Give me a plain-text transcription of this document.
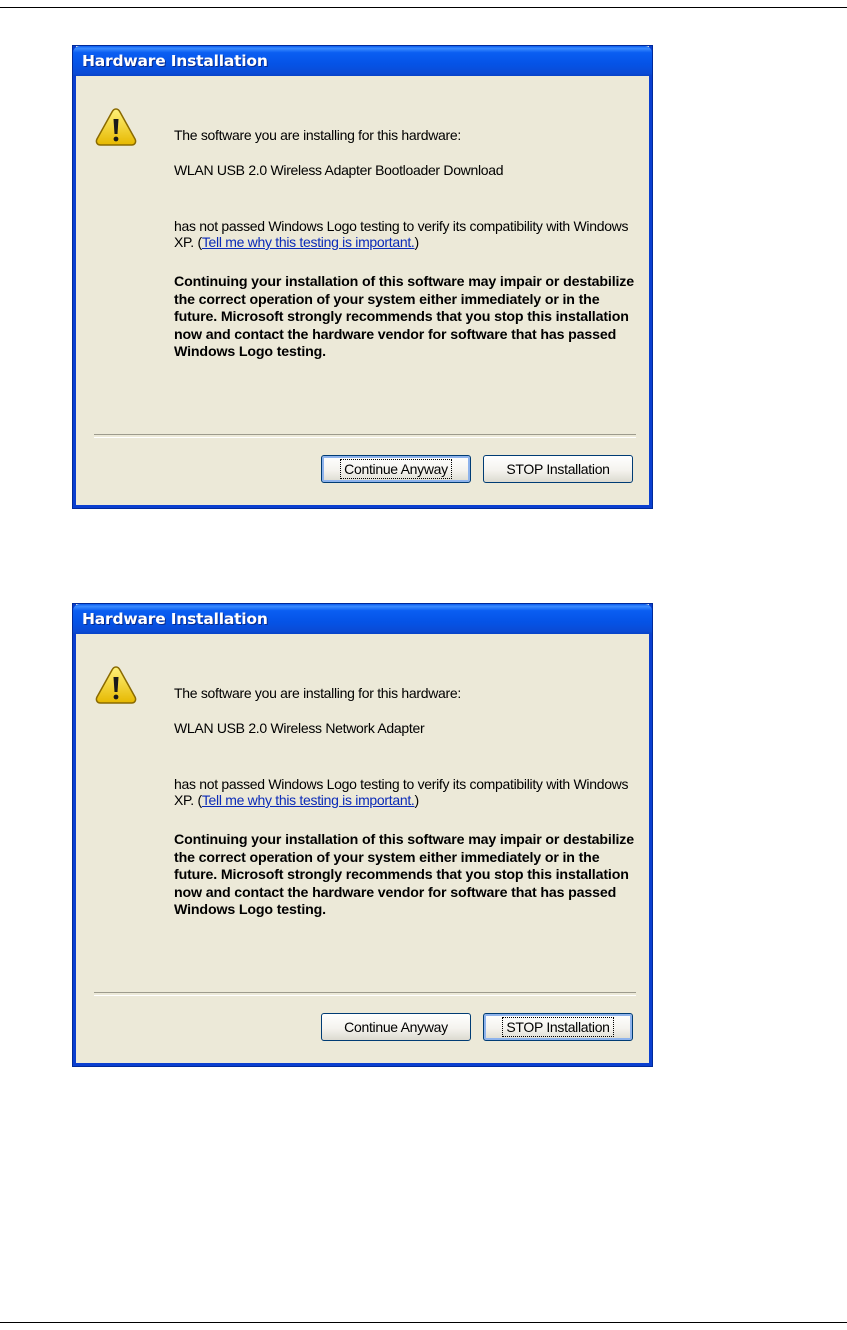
Hardware Installation
The software you are installing for this hardware:
WLAN USB 2.0 Wireless Adapter Bootloader Download
has not passed Windows Logo testing to verify its compatibility with Windows XP. (Tell me why this testing is important.)
Continuing your installation of this software may impair or destabilize the correct operation of your system either immediately or in the future. Microsoft strongly recommends that you stop this installation now and contact the hardware vendor for software that has passed Windows Logo testing.
Continue Anyway	STOP Installation
Hardware Installation
The software you are installing for this hardware:
WLAN USB 2.0 Wireless Network Adapter
has not passed Windows Logo testing to verify its compatibility with Windows XP. (Tell me why this testing is important.)
Continuing your installation of this software may impair or destabilize the correct operation of your system either immediately or in the future. Microsoft strongly recommends that you stop this installation now and contact the hardware vendor for software that has passed Windows Logo testing.
Continue Anyway	STOP Installation
